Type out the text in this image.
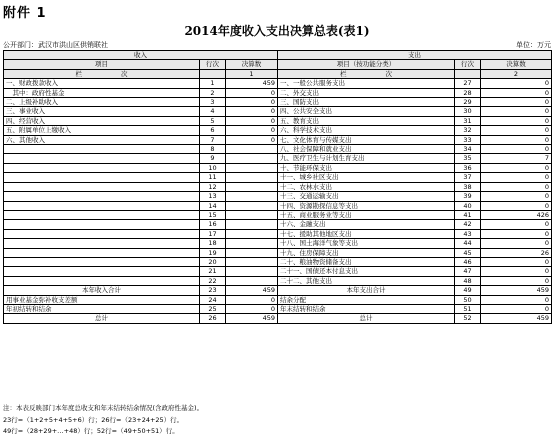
附件 1
2014年度收入支出决算总表(表1)
公开部门：武汉市洪山区供销联社	单位：万元
收入			支出		
项目	行次	决算数	项目（按功能分类）	行次	决算数
栏　　　　　　 次		1	栏　　　　　　 次		2
一、财政拨款收入	1	459	一、一般公共服务支出	27	0
　其中：政府性基金	2	0	二、外交支出	28	0
二、上级补助收入	3	0	三、国防支出	29	0
三、事业收入	4	0	四、公共安全支出	30	0
四、经营收入	5	0	五、教育支出	31	0
五、附属单位上缴收入	6	0	六、科学技术支出	32	0
六、其他收入	7	0	七、文化体育与传媒支出	33	0
	8		八、社会保障和就业支出	34	0
	9		九、医疗卫生与计划生育支出	35	7
	10		十、节能环保支出	36	0
	11		十一、城乡社区支出	37	0
	12		十二、农林水支出	38	0
	13		十三、交通运输支出	39	0
	14		十四、资源勘探信息等支出	40	0
	15		十五、商业服务业等支出	41	426
	16		十六、金融支出	42	0
	17		十七、援助其他地区支出	43	0
	18		十八、国土海洋气象等支出	44	0
	19		十九、住房保障支出	45	26
	20		二十、粮油物资储备支出	46	0
	21		二十一、国债还本付息支出	47	0
	22		二十二、其他支出	48	0
本年收入合计	23	459	本年支出合计	49	459
用事业基金弥补收支差额	24	0	结余分配	50	0
年初结转和结余	25	0	年末结转和结余	51	0
总计	26	459	总计	52	459
注：本表反映部门本年度总收支和年末结转结余情况(含政府性基金)。
23行=（1+2+5+4+5+6）行；26行=（23+24+25）行。
49行=（28+29+…+48）行；52行=（49+50+51）行。
